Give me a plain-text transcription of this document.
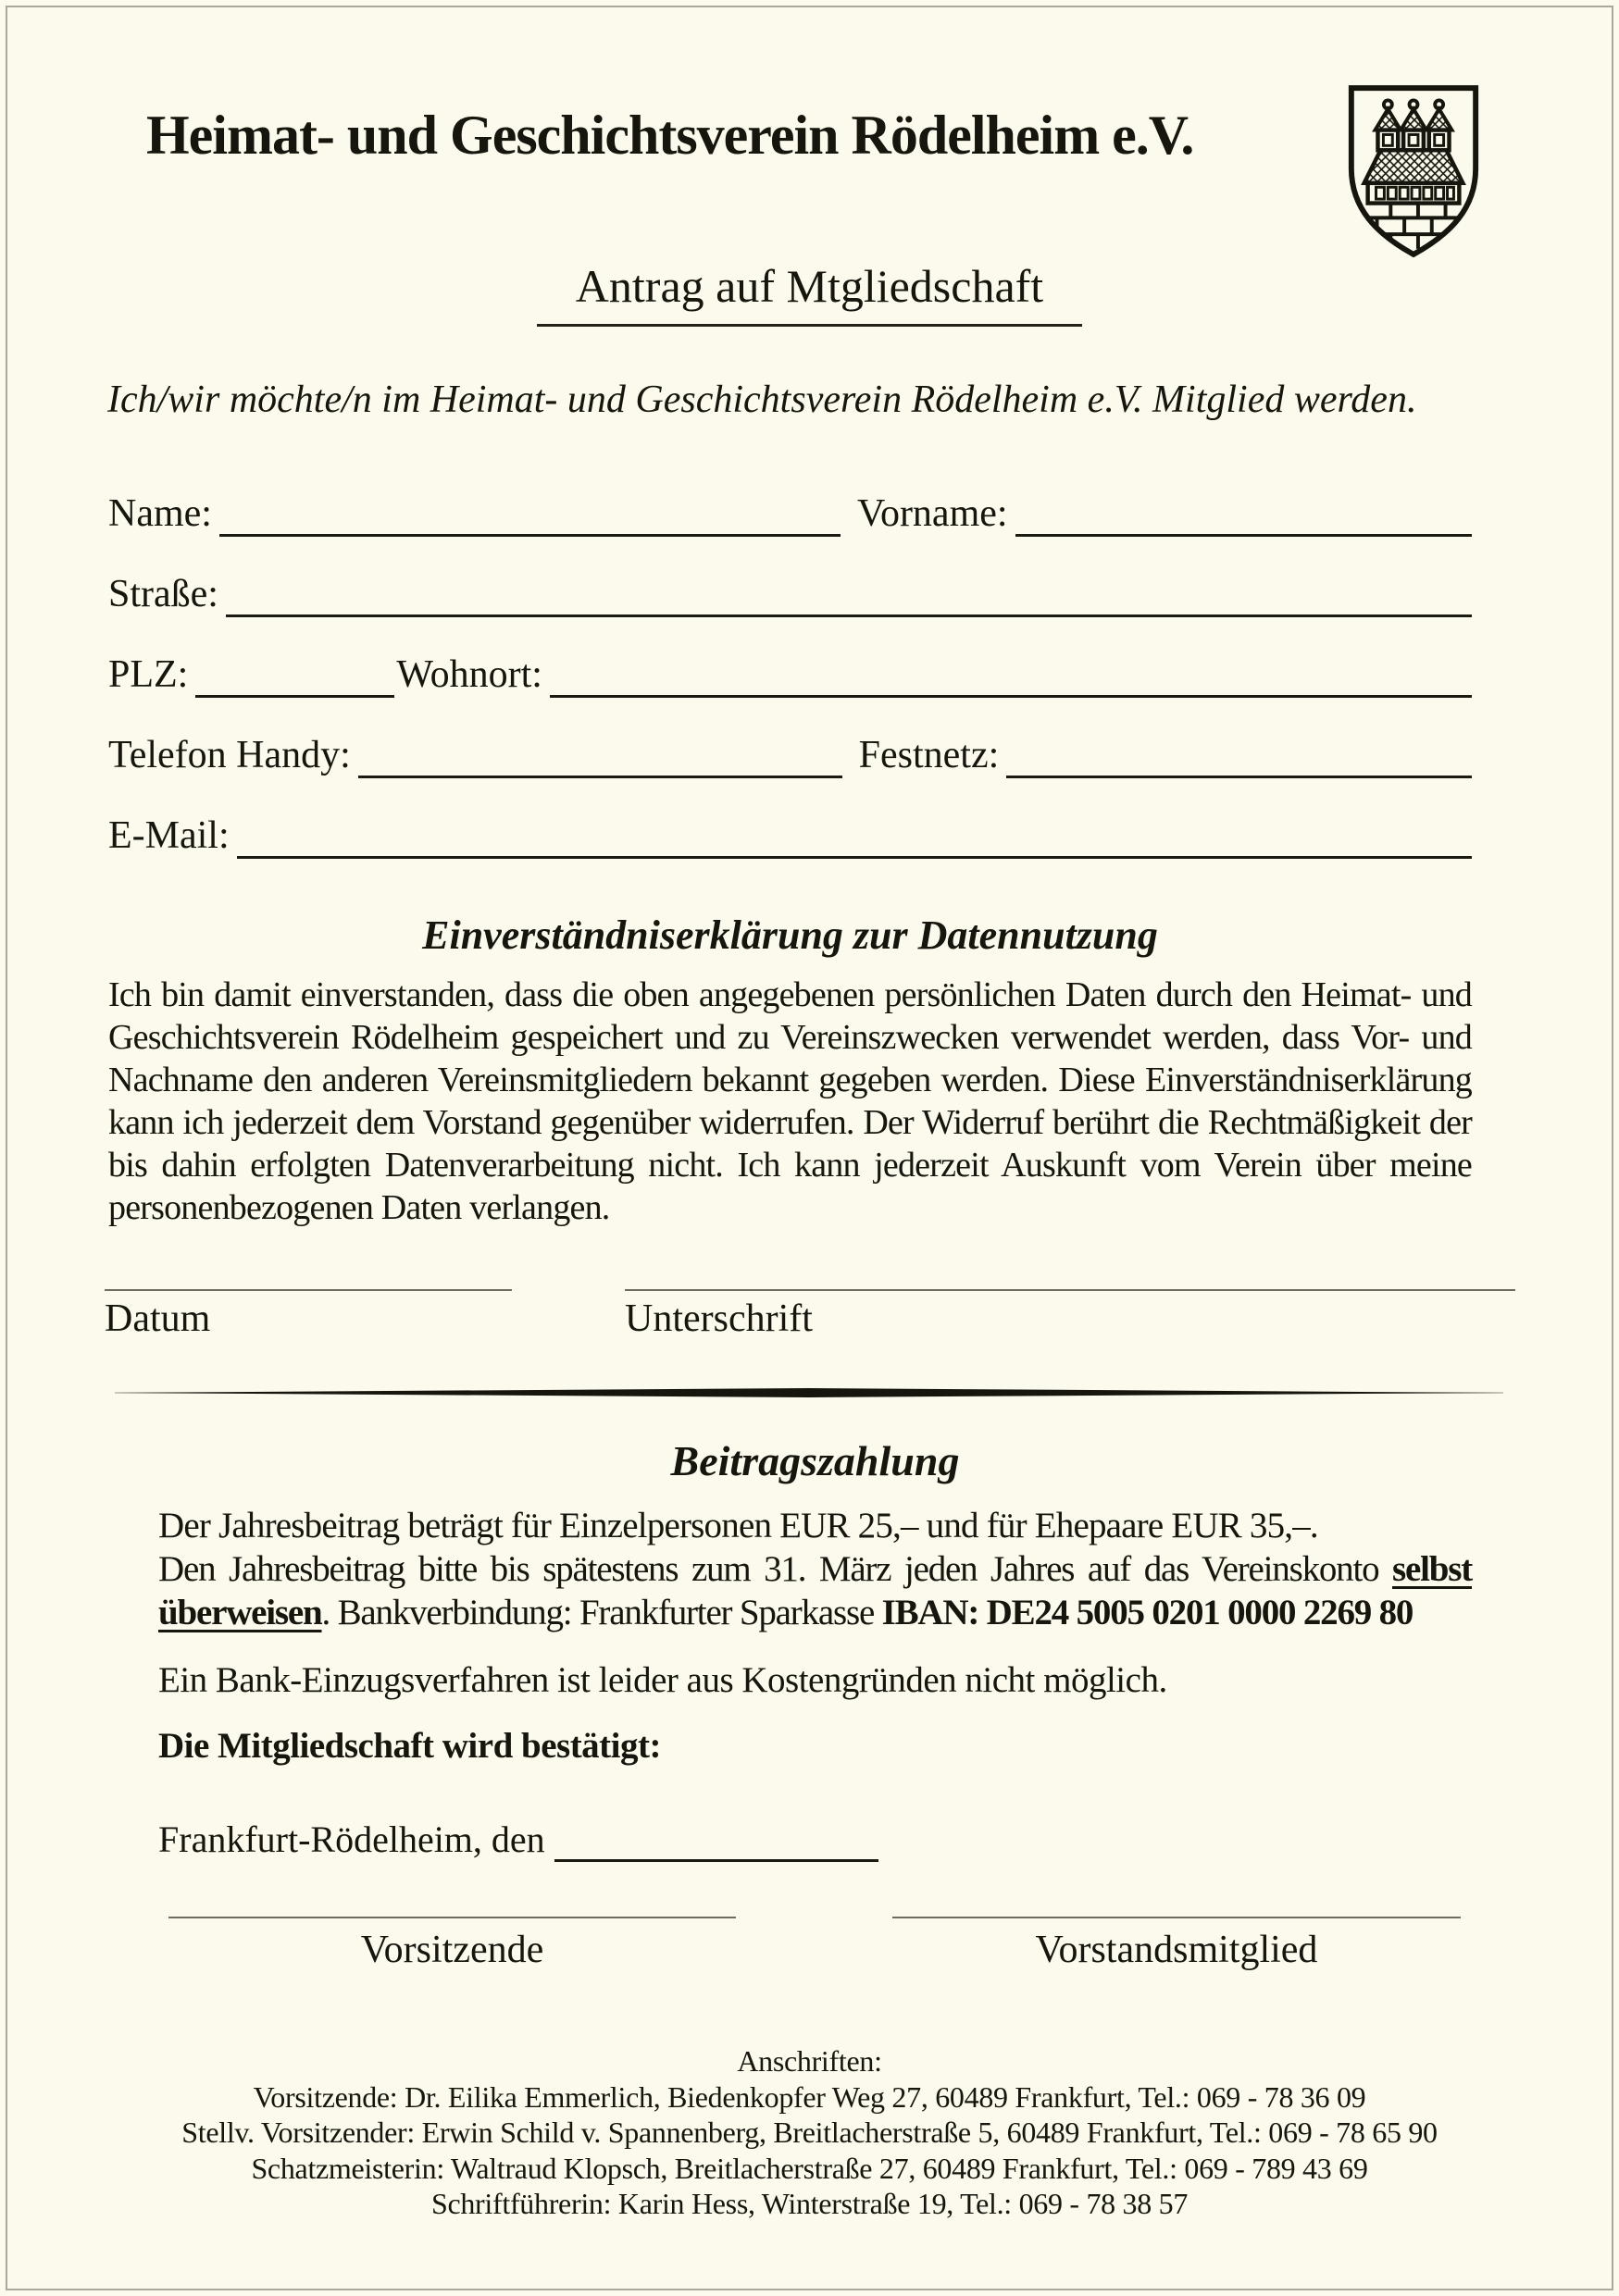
Heimat- und Geschichtsverein Rödelheim e.V.
Antrag auf Mtgliedschaft

Ich/wir möchte/n im Heimat- und Geschichtsverein Rödelheim e.V. Mitglied werden.

Name:	Vorname:
Straße:
PLZ:	Wohnort:
Telefon Handy:	Festnetz:
E-Mail:
Einverständniserklärung zur Datennutzung

Ich bin damit einverstanden, dass die oben angegebenen persönlichen Daten durch den Heimat- und Geschichtsverein Rödelheim gespeichert und zu Vereinszwecken verwendet werden, dass Vor- und Nachname den anderen Vereinsmitgliedern bekannt gegeben werden. Diese Einverständniserklärung kann ich jederzeit dem Vorstand gegenüber widerrufen. Der Widerruf berührt die Rechtmäßigkeit der bis dahin erfolgten Datenverarbeitung nicht. Ich kann jederzeit Auskunft vom Verein über meine personenbezogenen Daten verlangen.

Datum	Unterschrift
Beitragszahlung

Der Jahresbeitrag beträgt für Einzelpersonen EUR 25,– und für Ehepaare EUR 35,–.

Den Jahresbeitrag bitte bis spätestens zum 31. März jeden Jahres auf das Vereinskonto selbst überweisen. Bankverbindung: Frankfurter Sparkasse IBAN: DE24 5005 0201 0000 2269 80

Ein Bank-Einzugsverfahren ist leider aus Kostengründen nicht möglich.

Die Mitgliedschaft wird bestätigt:

Frankfurt-Rödelheim, den
Vorsitzende	Vorstandsmitglied
Anschriften:
Vorsitzende: Dr. Eilika Emmerlich, Biedenkopfer Weg 27, 60489 Frankfurt, Tel.: 069 - 78 36 09
Stellv. Vorsitzender: Erwin Schild v. Spannenberg, Breitlacherstraße 5, 60489 Frankfurt, Tel.: 069 - 78 65 90
Schatzmeisterin: Waltraud Klopsch, Breitlacherstraße 27, 60489 Frankfurt, Tel.: 069 - 789 43 69
Schriftführerin: Karin Hess, Winterstraße 19, Tel.: 069 - 78 38 57
